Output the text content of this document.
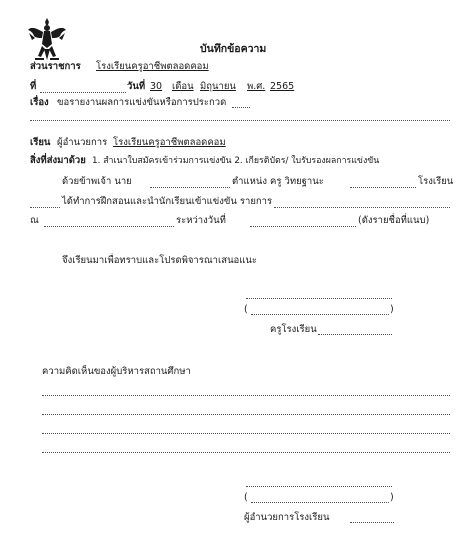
บันทึกข้อความ
ส่วนราชการ โรงเรียนครูอาชีพตลอดคอม
ที่	วันที่ 30 เดือน มิถุนายน พ.ศ. 2565
เรื่อง ขอรายงานผลการแข่งขันหรือการประกวด
เรียน ผู้อำนวยการ โรงเรียนครูอาชีพตลอดคอม
สิ่งที่ส่งมาด้วย 1. สำเนาใบสมัครเข้าร่วมการแข่งขัน 2. เกียรติบัตร/ ใบรับรองผลการแข่งขัน
ด้วยข้าพเจ้า นาย	ตำแหน่ง ครู วิทยฐานะ	โรงเรียน
ได้ทำการฝึกสอนและนำนักเรียนเข้าแข่งขัน รายการ
ณ	ระหว่างวันที่	(ดังรายชื่อที่แนบ)
จึงเรียนมาเพื่อทราบและโปรดพิจารณาเสนอแนะ
(	)
ครูโรงเรียน
ความคิดเห็นของผู้บริหารสถานศึกษา
(	)
ผู้อำนวยการโรงเรียน
